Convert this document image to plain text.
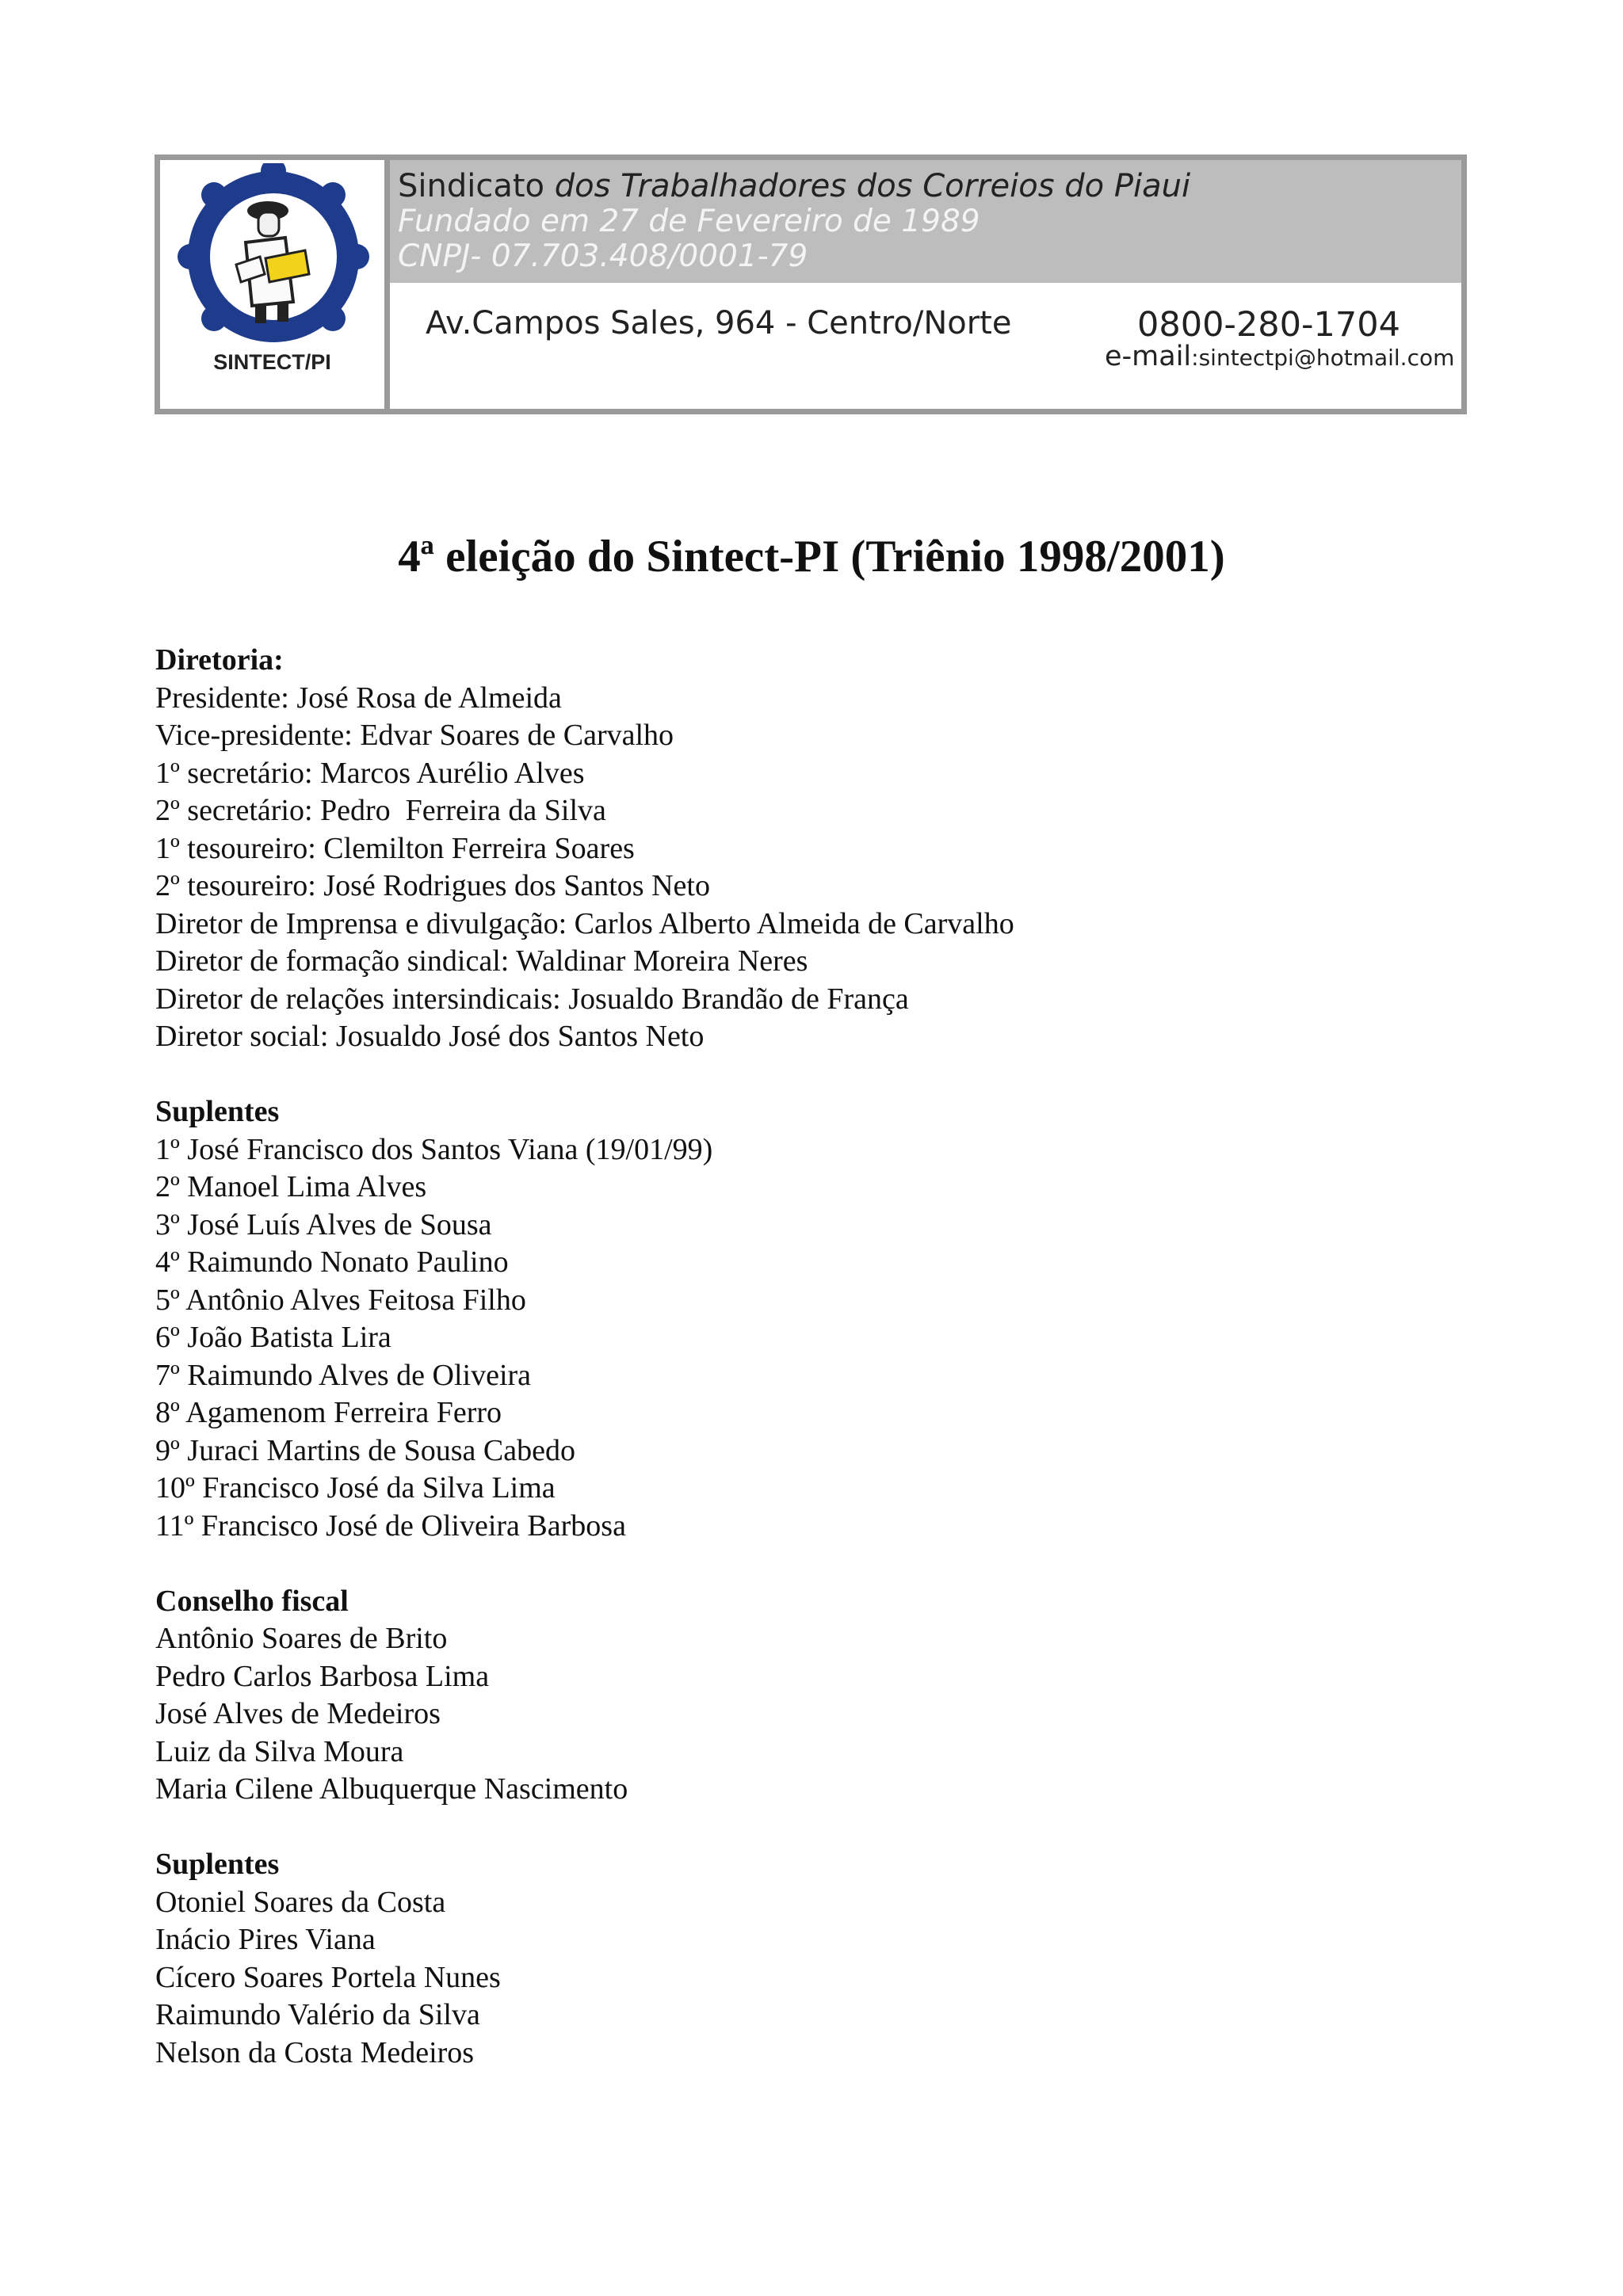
SINTECT/PI
Sindicato dos Trabalhadores dos Correios do Piaui
Fundado em 27 de Fevereiro de 1989
CNPJ- 07.703.408/0001-79
Av.Campos Sales, 964 - Centro/Norte	0800-280-1704
e-mail:sintectpi@hotmail.com
4ª eleição do Sintect-PI (Triênio 1998/2001)
Diretoria:
Presidente: José Rosa de Almeida
Vice-presidente: Edvar Soares de Carvalho
1º secretário: Marcos Aurélio Alves
2º secretário: Pedro  Ferreira da Silva
1º tesoureiro: Clemilton Ferreira Soares
2º tesoureiro: José Rodrigues dos Santos Neto
Diretor de Imprensa e divulgação: Carlos Alberto Almeida de Carvalho
Diretor de formação sindical: Waldinar Moreira Neres
Diretor de relações intersindicais: Josualdo Brandão de França
Diretor social: Josualdo José dos Santos Neto
Suplentes
1º José Francisco dos Santos Viana (19/01/99)
2º Manoel Lima Alves
3º José Luís Alves de Sousa
4º Raimundo Nonato Paulino
5º Antônio Alves Feitosa Filho
6º João Batista Lira
7º Raimundo Alves de Oliveira
8º Agamenom Ferreira Ferro
9º Juraci Martins de Sousa Cabedo
10º Francisco José da Silva Lima
11º Francisco José de Oliveira Barbosa
Conselho fiscal
Antônio Soares de Brito
Pedro Carlos Barbosa Lima
José Alves de Medeiros
Luiz da Silva Moura
Maria Cilene Albuquerque Nascimento
Suplentes
Otoniel Soares da Costa
Inácio Pires Viana
Cícero Soares Portela Nunes
Raimundo Valério da Silva
Nelson da Costa Medeiros
